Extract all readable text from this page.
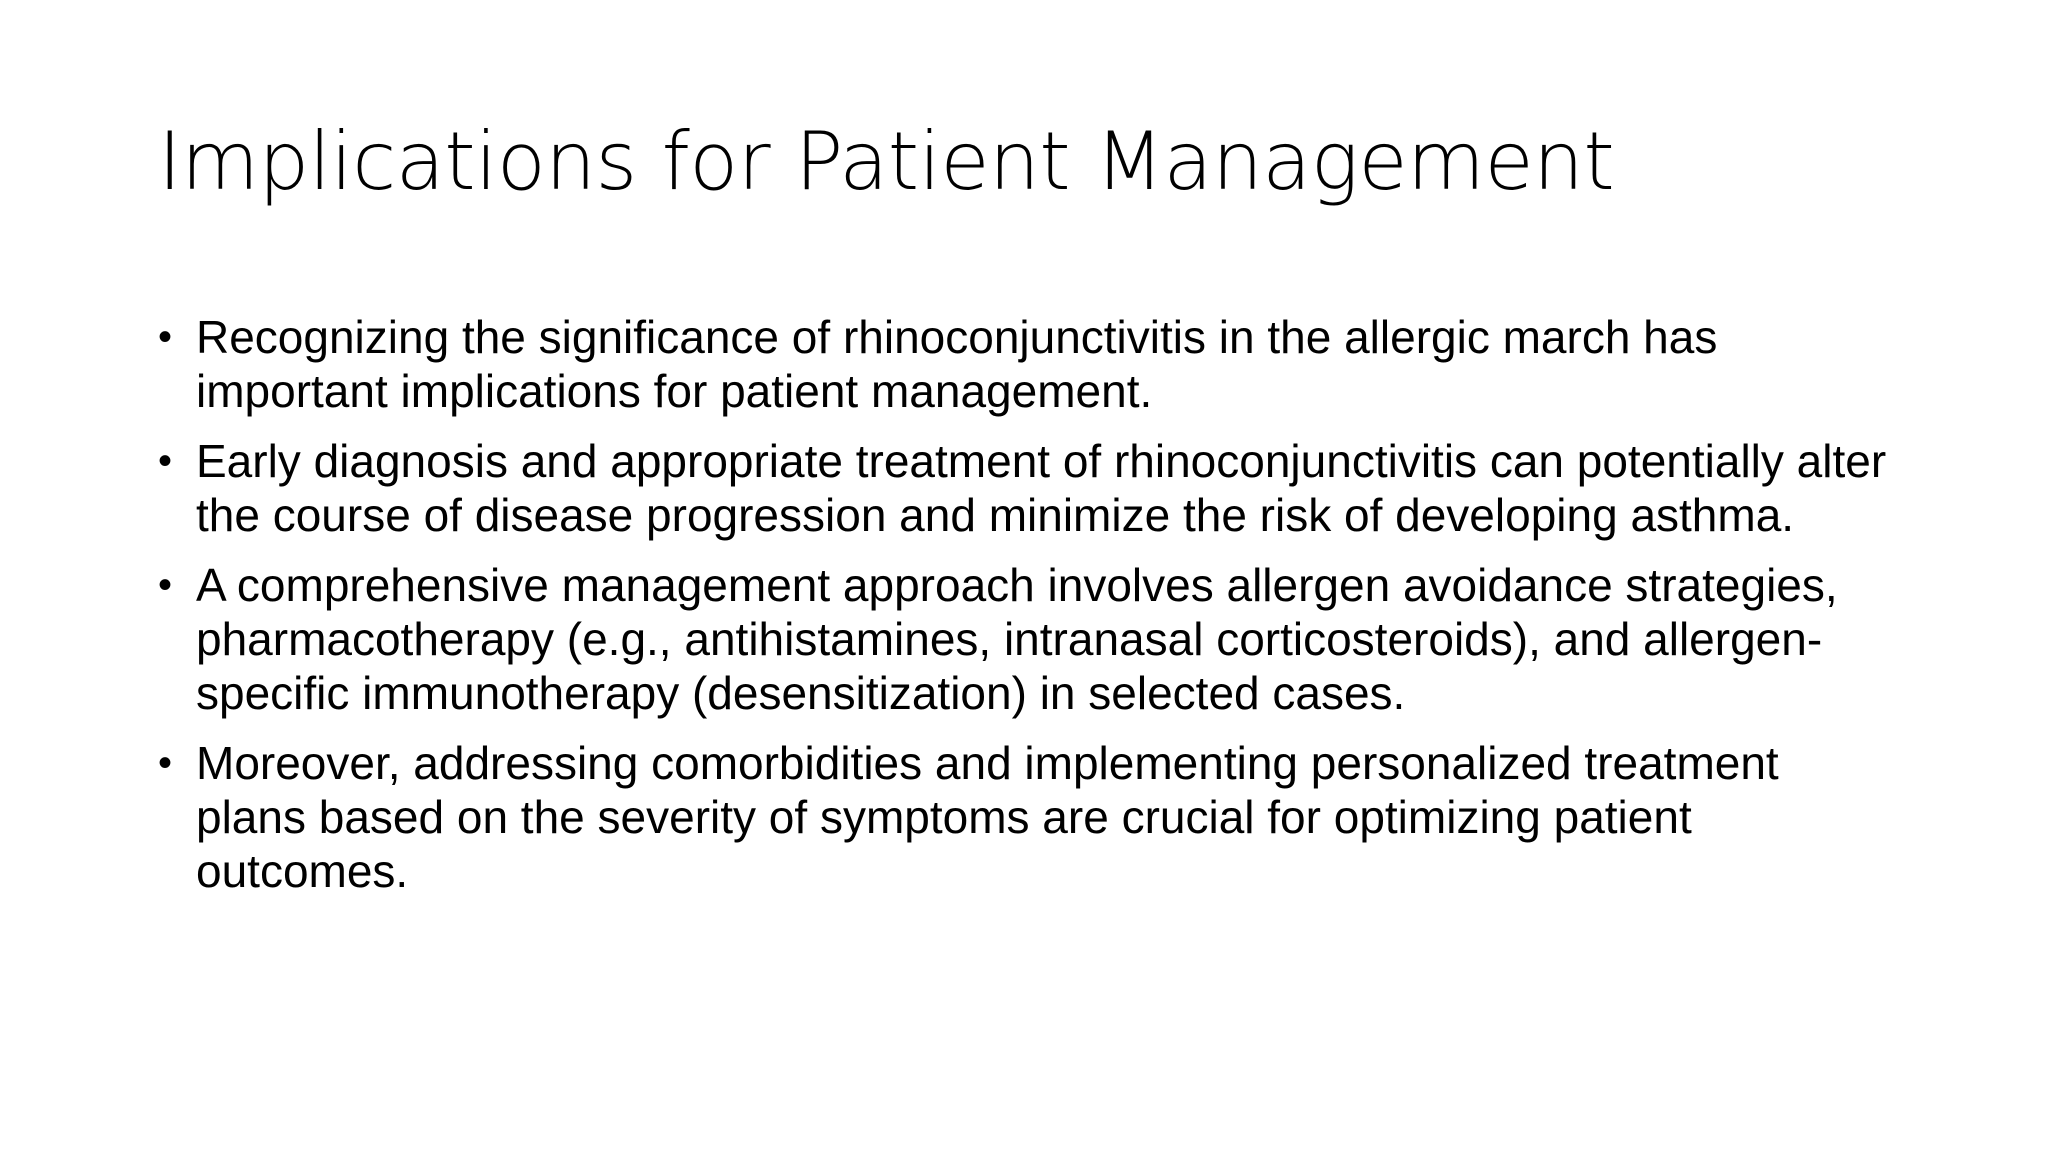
Implications for Patient Management
• Recognizing the significance of rhinoconjunctivitis in the allergic march has important implications for patient management.
• Early diagnosis and appropriate treatment of rhinoconjunctivitis can potentially alter the course of disease progression and minimize the risk of developing asthma.
• A comprehensive management approach involves allergen avoidance strategies, pharmacotherapy (e.g., antihistamines, intranasal corticosteroids), and allergen-specific immunotherapy (desensitization) in selected cases.
• Moreover, addressing comorbidities and implementing personalized treatment plans based on the severity of symptoms are crucial for optimizing patient outcomes.
